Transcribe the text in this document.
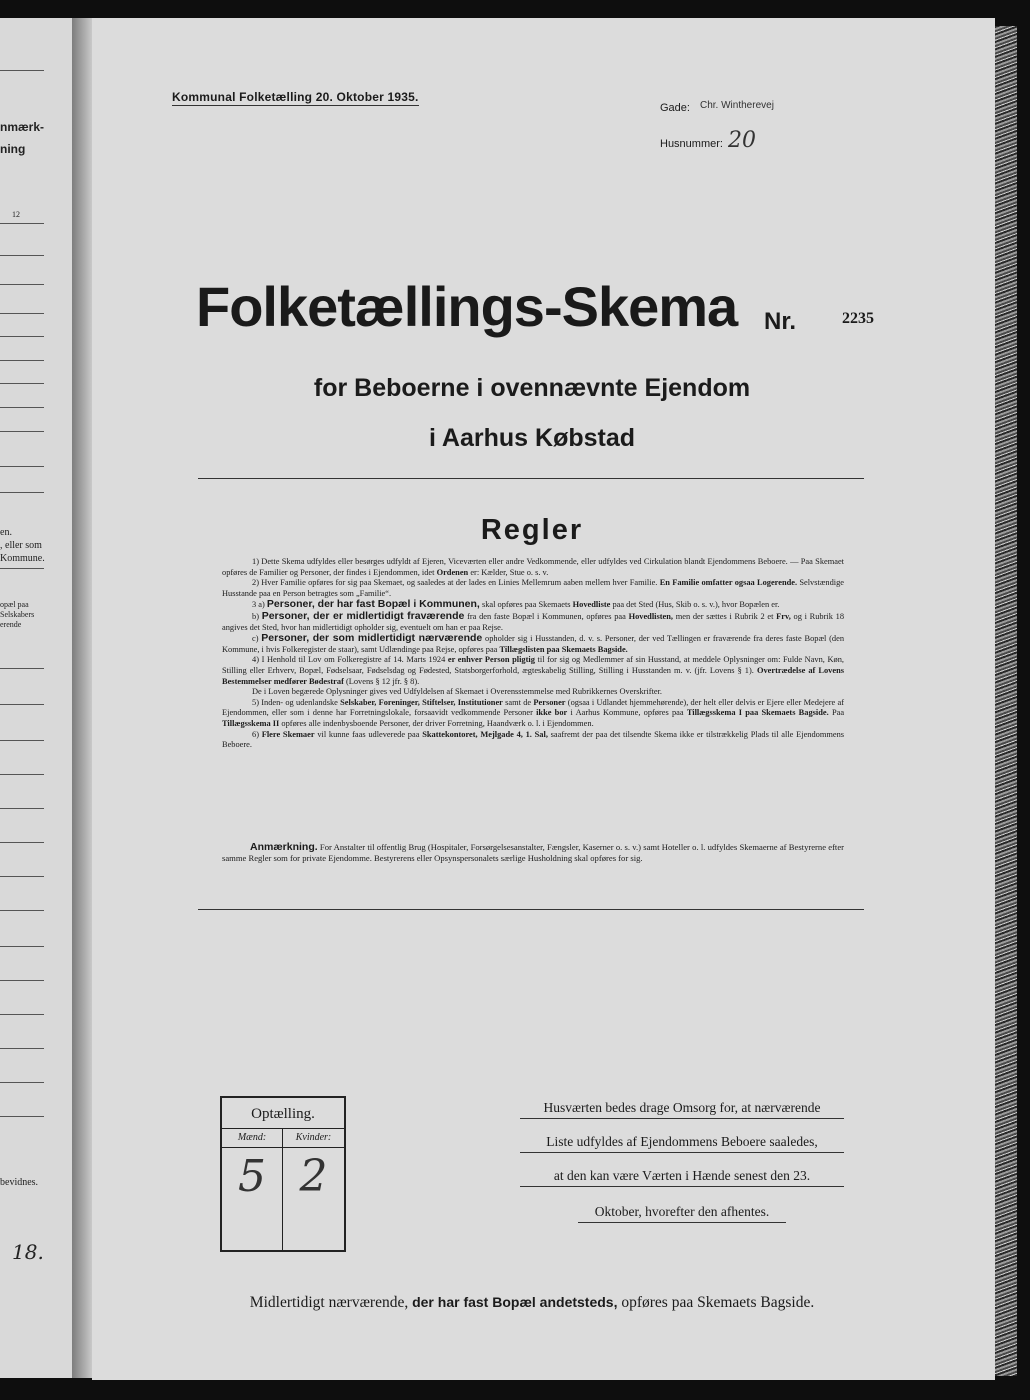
nmærk-
ning
12
en.
, eller som
Kommune.
opæl paa
Selskabers
erende
bevidnes.
18.
Kommunal Folketælling 20. Oktober 1935.
Gade: Chr. Wintherevej
Husnummer: 20
Folketællings-Skema Nr.	2235
for Beboerne i ovennævnte Ejendom
i Aarhus Købstad
Regler

1) Dette Skema udfyldes eller besørges udfyldt af Ejeren, Viceværten eller andre Vedkommende, eller udfyldes ved Cirkulation blandt Ejendommens Beboere. — Paa Skemaet opføres de Familier og Personer, der findes i Ejendommen, idet Ordenen er: Kælder, Stue o. s. v.

2) Hver Familie opføres for sig paa Skemaet, og saaledes at der lades en Linies Mellemrum aaben mellem hver Familie. En Familie omfatter ogsaa Logerende. Selvstændige Husstande paa en Person betragtes som „Familie“.

3 a) Personer, der har fast Bopæl i Kommunen, skal opføres paa Skemaets Hovedliste paa det Sted (Hus, Skib o. s. v.), hvor Bopælen er.

b) Personer, der er midlertidigt fraværende fra den faste Bopæl i Kommunen, opføres paa Hovedlisten, men der sættes i Rubrik 2 et Frv, og i Rubrik 18 angives det Sted, hvor han midlertidigt opholder sig, eventuelt om han er paa Rejse.

c) Personer, der som midlertidigt nærværende opholder sig i Husstanden, d. v. s. Personer, der ved Tællingen er fraværende fra deres faste Bopæl (den Kommune, i hvis Folkeregister de staar), samt Udlændinge paa Rejse, opføres paa Tillægslisten paa Skemaets Bagside.

4) I Henhold til Lov om Folkeregistre af 14. Marts 1924 er enhver Person pligtig til for sig og Medlemmer af sin Husstand, at meddele Oplysninger om: Fulde Navn, Køn, Stilling eller Erhverv, Bopæl, Fødselsaar, Fødselsdag og Fødested, Statsborgerforhold, ægteskabelig Stilling, Stilling i Husstanden m. v. (jfr. Lovens § 1). Overtrædelse af Lovens Bestemmelser medfører Bødestraf (Lovens § 12 jfr. § 8).

De i Loven begærede Oplysninger gives ved Udfyldelsen af Skemaet i Overensstemmelse med Rubrikkernes Overskrifter.

5) Inden- og udenlandske Selskaber, Foreninger, Stiftelser, Institutioner samt de Personer (ogsaa i Udlandet hjemmehørende), der helt eller delvis er Ejere eller Medejere af Ejendommen, eller som i denne har Forretningslokale, forsaavidt vedkommende Personer ikke bor i Aarhus Kommune, opføres paa Tillægsskema I paa Skemaets Bagside. Paa Tillægsskema II opføres alle indenbysboende Personer, der driver Forretning, Haandværk o. l. i Ejendommen.

6) Flere Skemaer vil kunne faas udleverede paa Skattekontoret, Mejlgade 4, 1. Sal, saafremt der paa det tilsendte Skema ikke er tilstrækkelig Plads til alle Ejendommens Beboere.

Anmærkning. For Anstalter til offentlig Brug (Hospitaler, Forsørgelsesanstalter, Fængsler, Kaserner o. s. v.) samt Hoteller o. l. udfyldes Skemaerne af Bestyrerne efter samme Regler som for private Ejendomme. Bestyrerens eller Opsynspersonalets særlige Husholdning skal opføres for sig.
Optælling.
Mænd:
5
Kvinder:
2
Husværten bedes drage Omsorg for, at nærværende
Liste udfyldes af Ejendommens Beboere saaledes,
at den kan være Værten i Hænde senest den 23.
Oktober, hvorefter den afhentes.
Midlertidigt nærværende, der har fast Bopæl andetsteds, opføres paa Skemaets Bagside.
